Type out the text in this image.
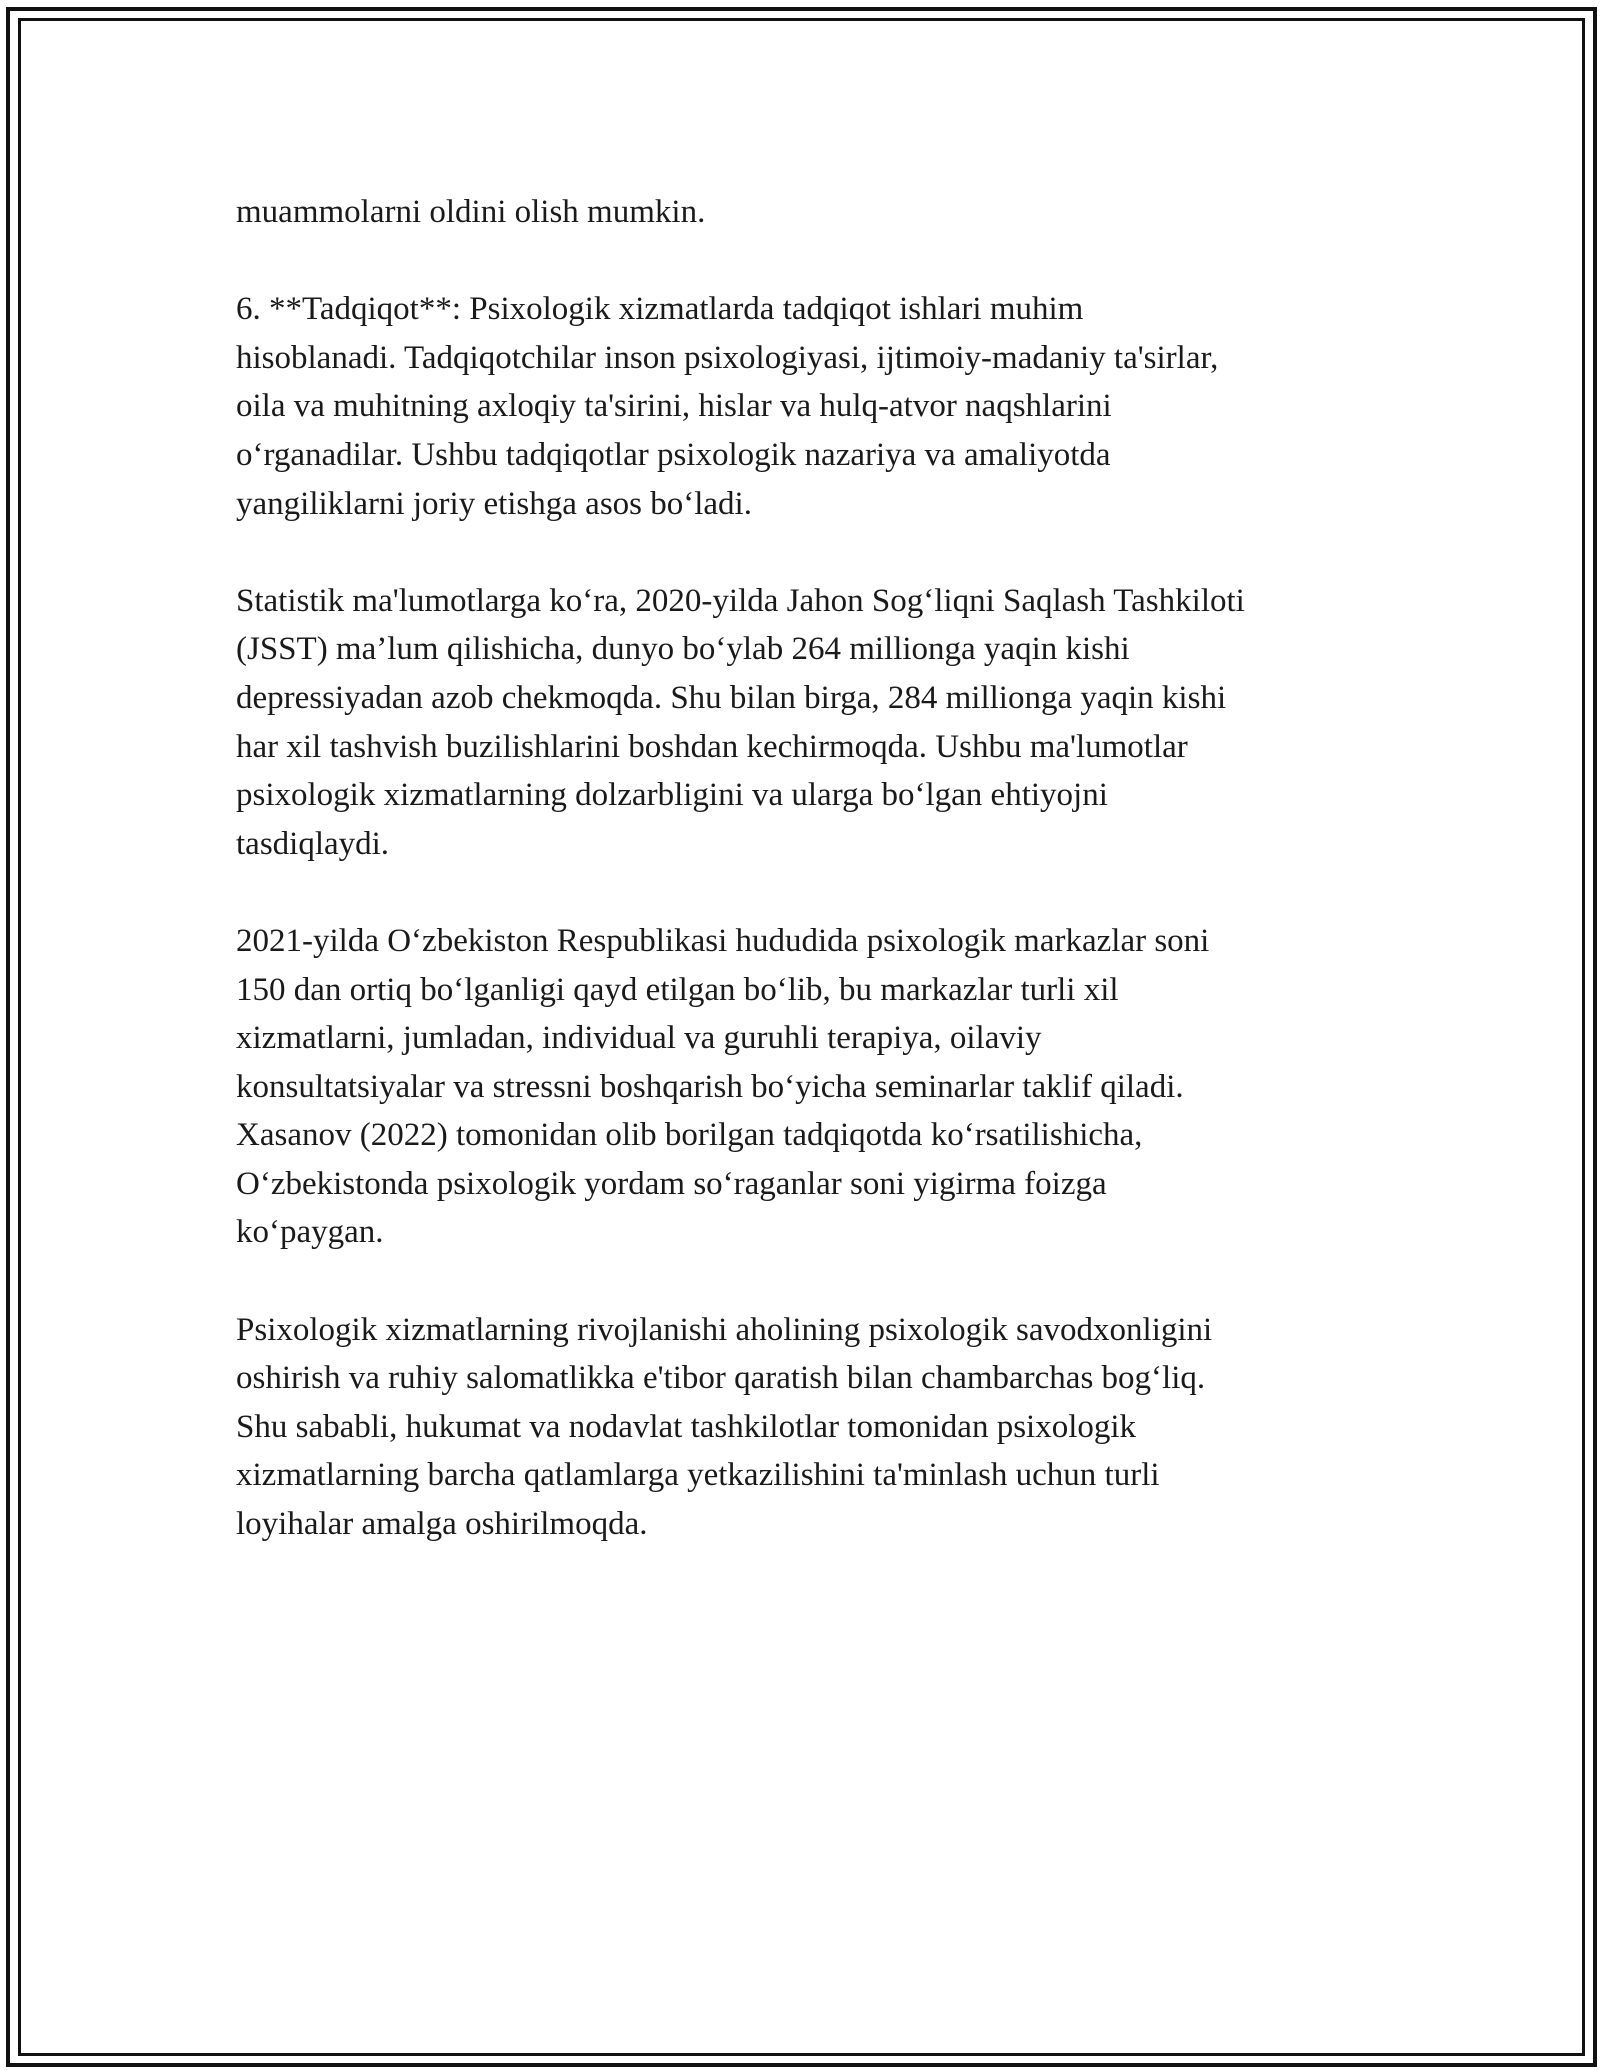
muammolarni oldini olish mumkin.

6. **Tadqiqot**: Psixologik xizmatlarda tadqiqot ishlari muhim
hisoblanadi. Tadqiqotchilar inson psixologiyasi, ijtimoiy-madaniy ta'sirlar,
oila va muhitning axloqiy ta'sirini, hislar va hulq-atvor naqshlarini
o‘rganadilar. Ushbu tadqiqotlar psixologik nazariya va amaliyotda
yangiliklarni joriy etishga asos bo‘ladi.

Statistik ma'lumotlarga ko‘ra, 2020-yilda Jahon Sog‘liqni Saqlash Tashkiloti
(JSST) ma’lum qilishicha, dunyo bo‘ylab 264 millionga yaqin kishi
depressiyadan azob chekmoqda. Shu bilan birga, 284 millionga yaqin kishi
har xil tashvish buzilishlarini boshdan kechirmoqda. Ushbu ma'lumotlar
psixologik xizmatlarning dolzarbligini va ularga bo‘lgan ehtiyojni
tasdiqlaydi.

2021-yilda O‘zbekiston Respublikasi hududida psixologik markazlar soni
150 dan ortiq bo‘lganligi qayd etilgan bo‘lib, bu markazlar turli xil
xizmatlarni, jumladan, individual va guruhli terapiya, oilaviy
konsultatsiyalar va stressni boshqarish bo‘yicha seminarlar taklif qiladi.
Xasanov (2022) tomonidan olib borilgan tadqiqotda ko‘rsatilishicha,
O‘zbekistonda psixologik yordam so‘raganlar soni yigirma foizga
ko‘paygan.

Psixologik xizmatlarning rivojlanishi aholining psixologik savodxonligini
oshirish va ruhiy salomatlikka e'tibor qaratish bilan chambarchas bog‘liq.
Shu sababli, hukumat va nodavlat tashkilotlar tomonidan psixologik
xizmatlarning barcha qatlamlarga yetkazilishini ta'minlash uchun turli
loyihalar amalga oshirilmoqda.
